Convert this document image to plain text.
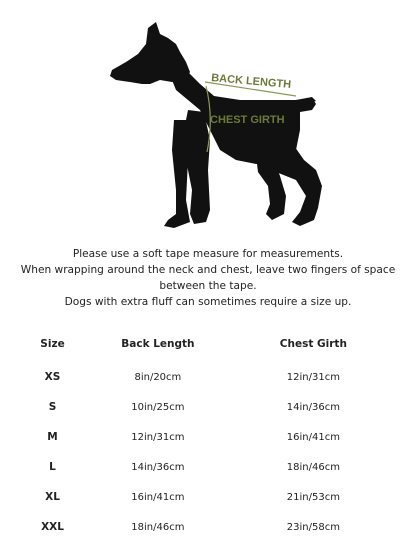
BACK LENGTH
CHEST GIRTH
Please use a soft tape measure for measurements.
When wrapping around the neck and chest, leave two fingers of space between the tape.
Dogs with extra fluff can sometimes require a size up.
Size	Back Length	Chest Girth
XS	8in/20cm	12in/31cm
S	10in/25cm	14in/36cm
M	12in/31cm	16in/41cm
L	14in/36cm	18in/46cm
XL	16in/41cm	21in/53cm
XXL	18in/46cm	23in/58cm
